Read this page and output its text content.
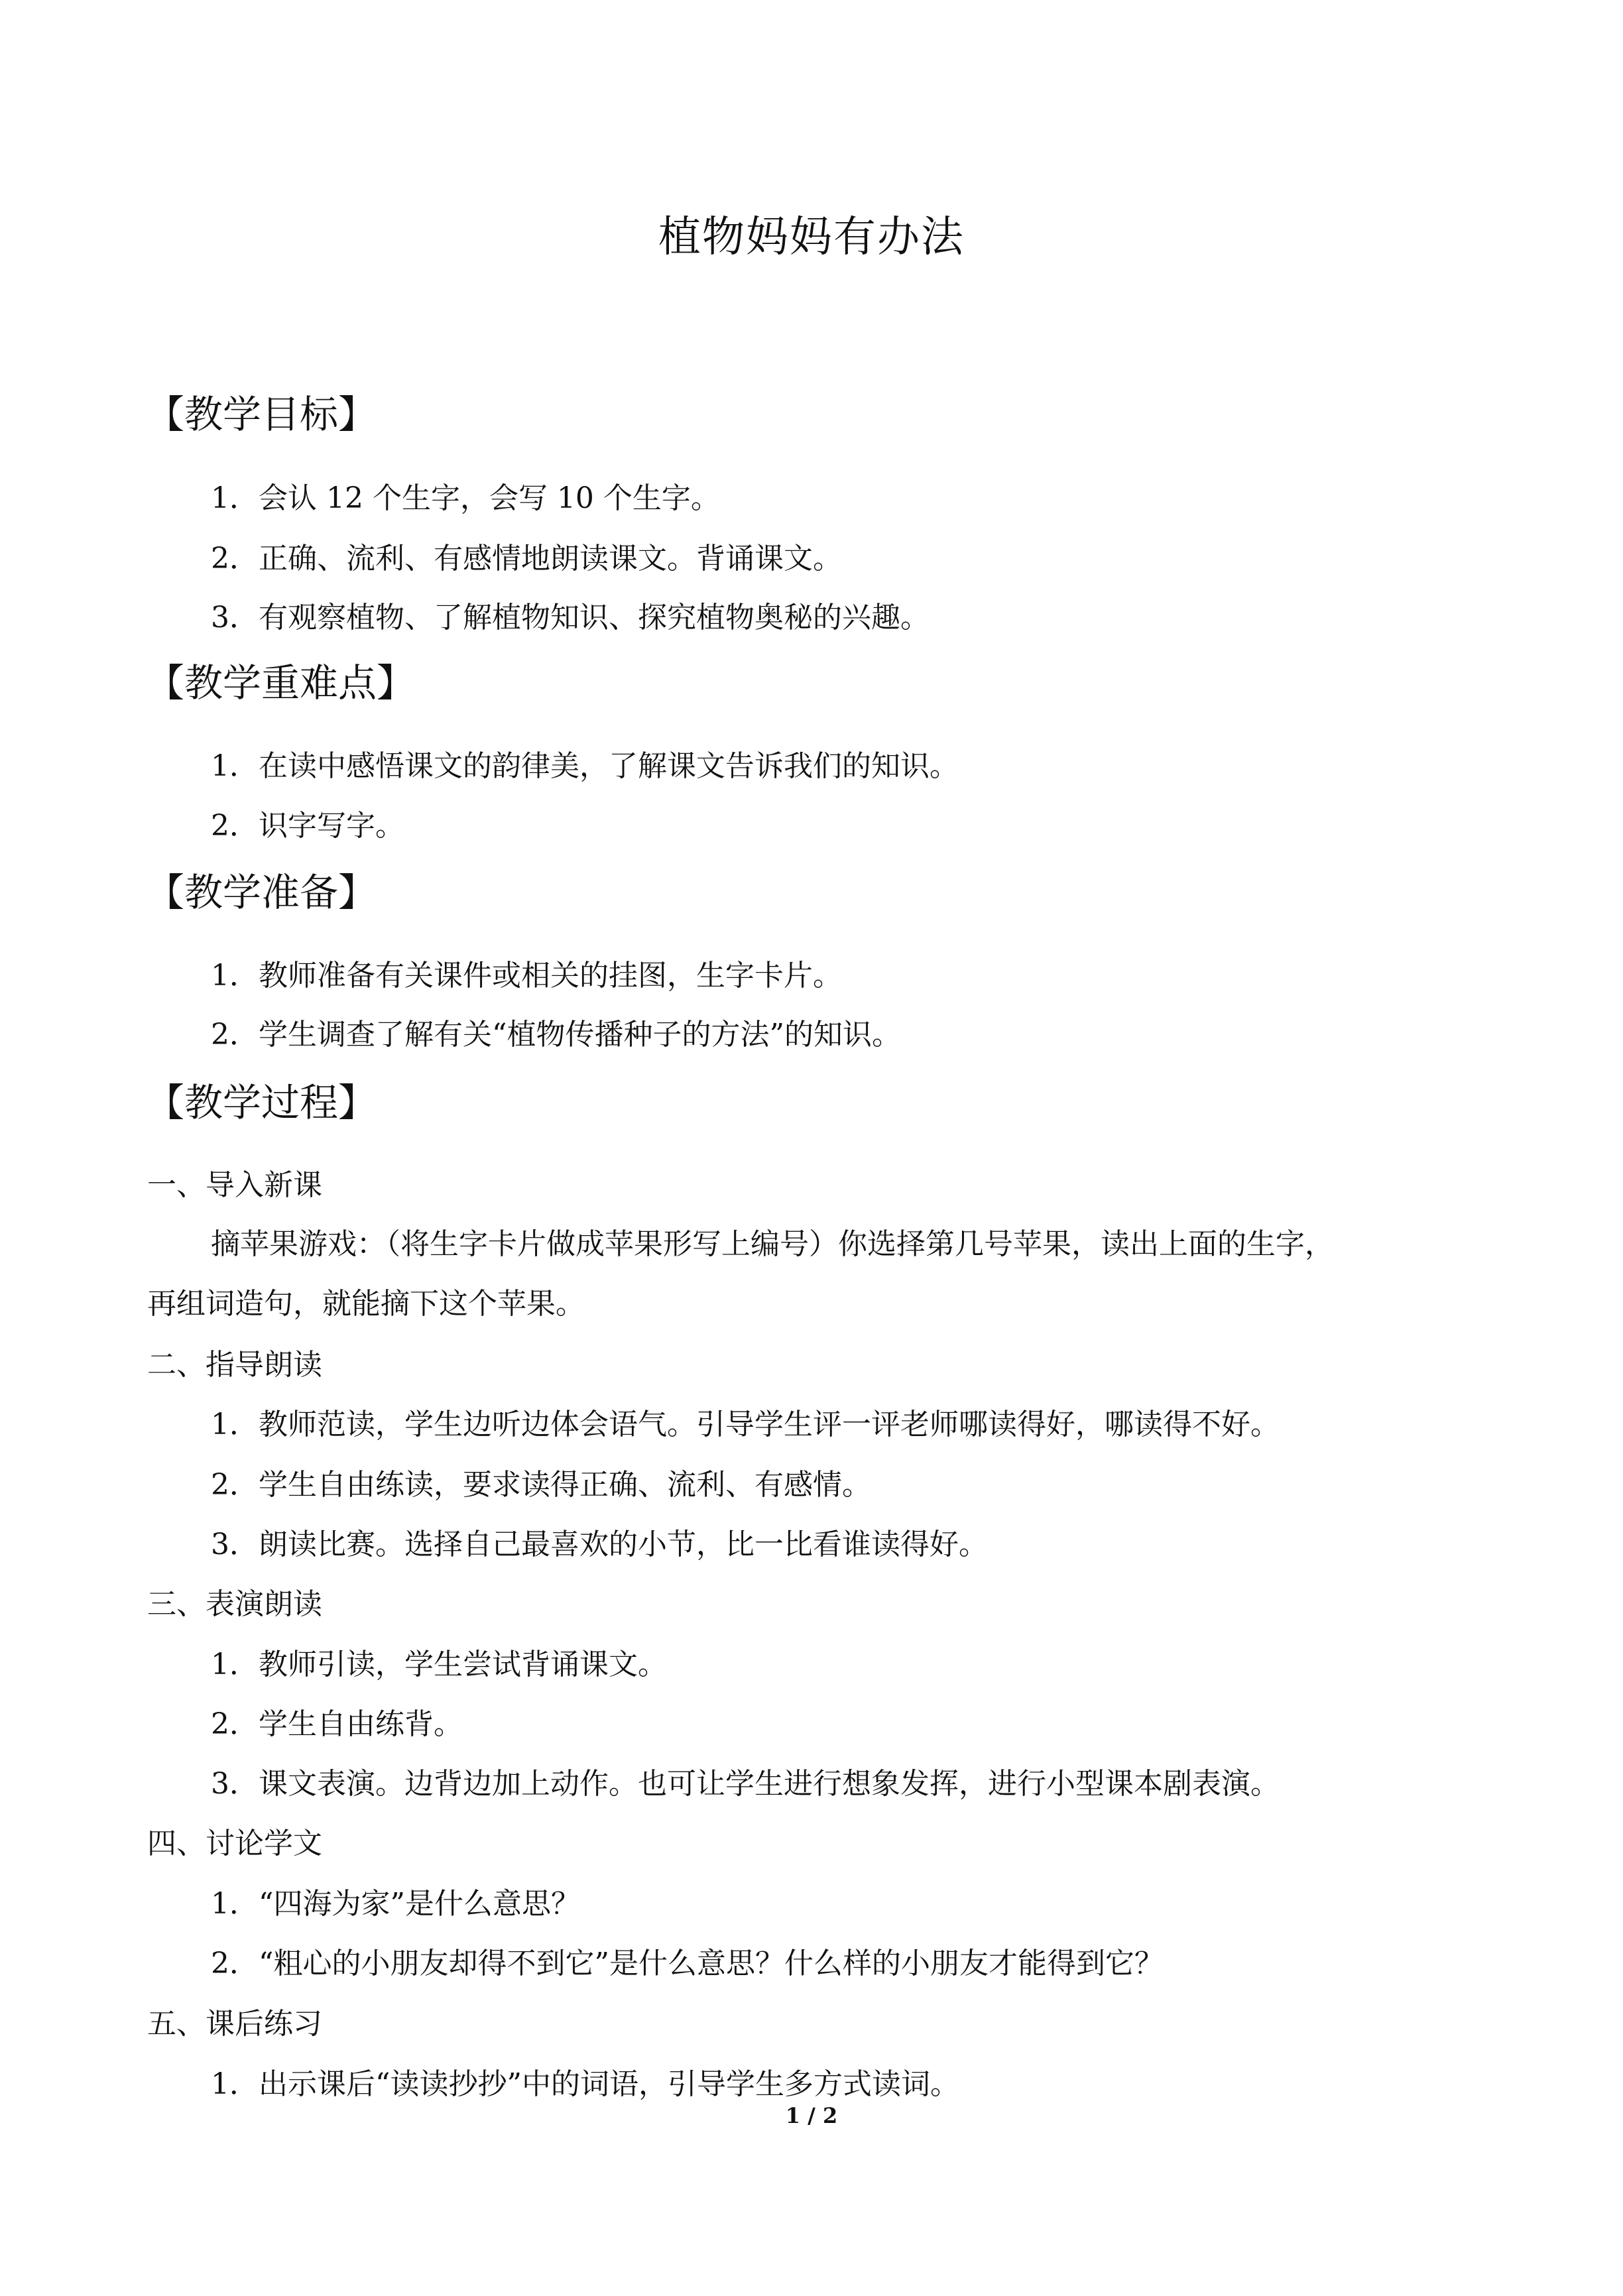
植物妈妈有办法
【教学目标】
1．会认 12 个生字，会写 10 个生字。
2．正确、流利、有感情地朗读课文。背诵课文。
3．有观察植物、了解植物知识、探究植物奥秘的兴趣。
【教学重难点】
1．在读中感悟课文的韵律美，了解课文告诉我们的知识。
2．识字写字。
【教学准备】
1．教师准备有关课件或相关的挂图，生字卡片。
2．学生调查了解有关“植物传播种子的方法”的知识。
【教学过程】
一、导入新课
摘苹果游戏：（将生字卡片做成苹果形写上编号）你选择第几号苹果，读出上面的生字，
再组词造句，就能摘下这个苹果。
二、指导朗读
1．教师范读，学生边听边体会语气。引导学生评一评老师哪读得好，哪读得不好。
2．学生自由练读，要求读得正确、流利、有感情。
3．朗读比赛。选择自己最喜欢的小节，比一比看谁读得好。
三、表演朗读
1．教师引读，学生尝试背诵课文。
2．学生自由练背。
3．课文表演。边背边加上动作。也可让学生进行想象发挥，进行小型课本剧表演。
四、讨论学文
1．“四海为家”是什么意思？
2．“粗心的小朋友却得不到它”是什么意思？什么样的小朋友才能得到它？
五、课后练习
1．出示课后“读读抄抄”中的词语，引导学生多方式读词。
1 / 2
